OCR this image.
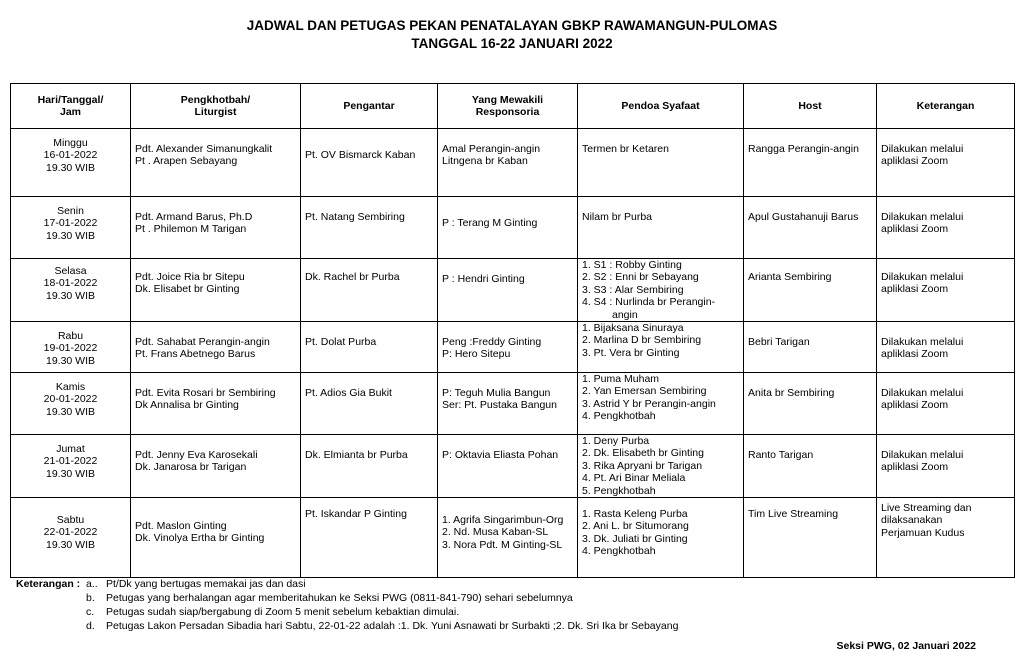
JADWAL DAN PETUGAS PEKAN PENATALAYAN GBKP RAWAMANGUN-PULOMAS
TANGGAL 16-22 JANUARI 2022
Hari/Tanggal/
Jam	Pengkhotbah/
Liturgist	Pengantar	Yang Mewakili
Responsoria	Pendoa Syafaat	Host	Keterangan

Minggu
16-01-2022
19.30 WIB	Pdt. Alexander Simanungkalit
Pt . Arapen Sebayang	Pt. OV Bismarck Kaban	Amal Perangin-angin
Litngena br Kaban	Termen br Ketaren	Rangga Perangin-angin	Dilakukan melalui
apliklasi Zoom

Senin
17-01-2022
19.30 WIB	Pdt. Armand Barus, Ph.D
Pt . Philemon M Tarigan	Pt. Natang Sembiring	P : Terang M Ginting	Nilam br Purba	Apul Gustahanuji Barus	Dilakukan melalui
apliklasi Zoom

Selasa
18-01-2022
19.30 WIB	Pdt. Joice Ria br Sitepu
Dk. Elisabet br Ginting	Dk. Rachel br Purba	P : Hendri Ginting	1. S1 : Robby Ginting
2. S2 : Enni br Sebayang
3. S3 : Alar Sembiring
4. S4 : Nurlinda br Perangin-
angin	Arianta Sembiring	Dilakukan melalui
apliklasi Zoom

Rabu
19-01-2022
19.30 WIB	Pdt. Sahabat Perangin-angin
Pt. Frans Abetnego Barus	Pt. Dolat Purba	Peng :Freddy Ginting
P: Hero Sitepu	1. Bijaksana Sinuraya
2. Marlina D br Sembiring
3. Pt. Vera br Ginting	Bebri Tarigan	Dilakukan melalui
apliklasi Zoom

Kamis
20-01-2022
19.30 WIB	Pdt. Evita Rosari br Sembiring
Dk Annalisa br Ginting	Pt. Adios Gia Bukit	P: Teguh Mulia Bangun
Ser: Pt. Pustaka Bangun	1. Puma Muham
2. Yan Emersan Sembiring
3. Astrid Y br Perangin-angin
4. Pengkhotbah	Anita br Sembiring	Dilakukan melalui
apliklasi Zoom

Jumat
21-01-2022
19.30 WIB	Pdt. Jenny Eva Karosekali
Dk. Janarosa br Tarigan	Dk. Elmianta br Purba	P: Oktavia Eliasta Pohan	1. Deny Purba
2. Dk. Elisabeth br Ginting
3. Rika Apryani br Tarigan
4. Pt. Ari Binar Meliala
5. Pengkhotbah	Ranto Tarigan	Dilakukan melalui
apliklasi Zoom

Sabtu
22-01-2022
19.30 WIB	Pdt. Maslon Ginting
Dk. Vinolya Ertha br Ginting	Pt. Iskandar P Ginting	1. Agrifa Singarimbun-Org
2. Nd. Musa Kaban-SL
3. Nora Pdt. M Ginting-SL	1. Rasta Keleng Purba
2. Ani L. br Situmorang
3. Dk. Juliati br Ginting
4. Pengkhotbah	Tim Live Streaming	Live Streaming dan
dilaksanakan
Perjamuan Kudus
Keterangan : a.. Pt/Dk yang bertugas memakai jas dan dasi
b.	Petugas yang berhalangan agar memberitahukan ke Seksi PWG (0811-841-790) sehari sebelumnya
c.	Petugas sudah siap/bergabung di Zoom 5 menit sebelum kebaktian dimulai.
d.	Petugas Lakon Persadan Sibadia hari Sabtu, 22-01-22 adalah :1. Dk. Yuni Asnawati br Surbakti ;2. Dk. Sri Ika br Sebayang
Seksi PWG, 02 Januari 2022
